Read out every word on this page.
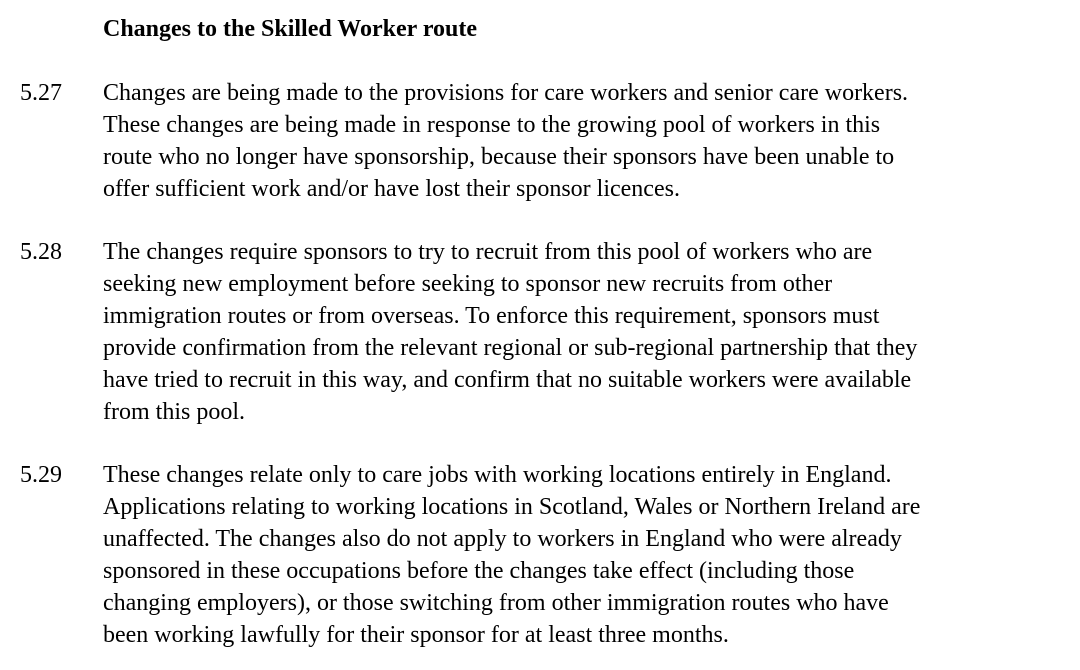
Changes to the Skilled Worker route
5.27 Changes are being made to the provisions for care workers and senior care workers.
These changes are being made in response to the growing pool of workers in this
route who no longer have sponsorship, because their sponsors have been unable to
offer sufficient work and/or have lost their sponsor licences.
5.28 The changes require sponsors to try to recruit from this pool of workers who are
seeking new employment before seeking to sponsor new recruits from other
immigration routes or from overseas. To enforce this requirement, sponsors must
provide confirmation from the relevant regional or sub-regional partnership that they
have tried to recruit in this way, and confirm that no suitable workers were available
from this pool.
5.29 These changes relate only to care jobs with working locations entirely in England.
Applications relating to working locations in Scotland, Wales or Northern Ireland are
unaffected. The changes also do not apply to workers in England who were already
sponsored in these occupations before the changes take effect (including those
changing employers), or those switching from other immigration routes who have
been working lawfully for their sponsor for at least three months.
